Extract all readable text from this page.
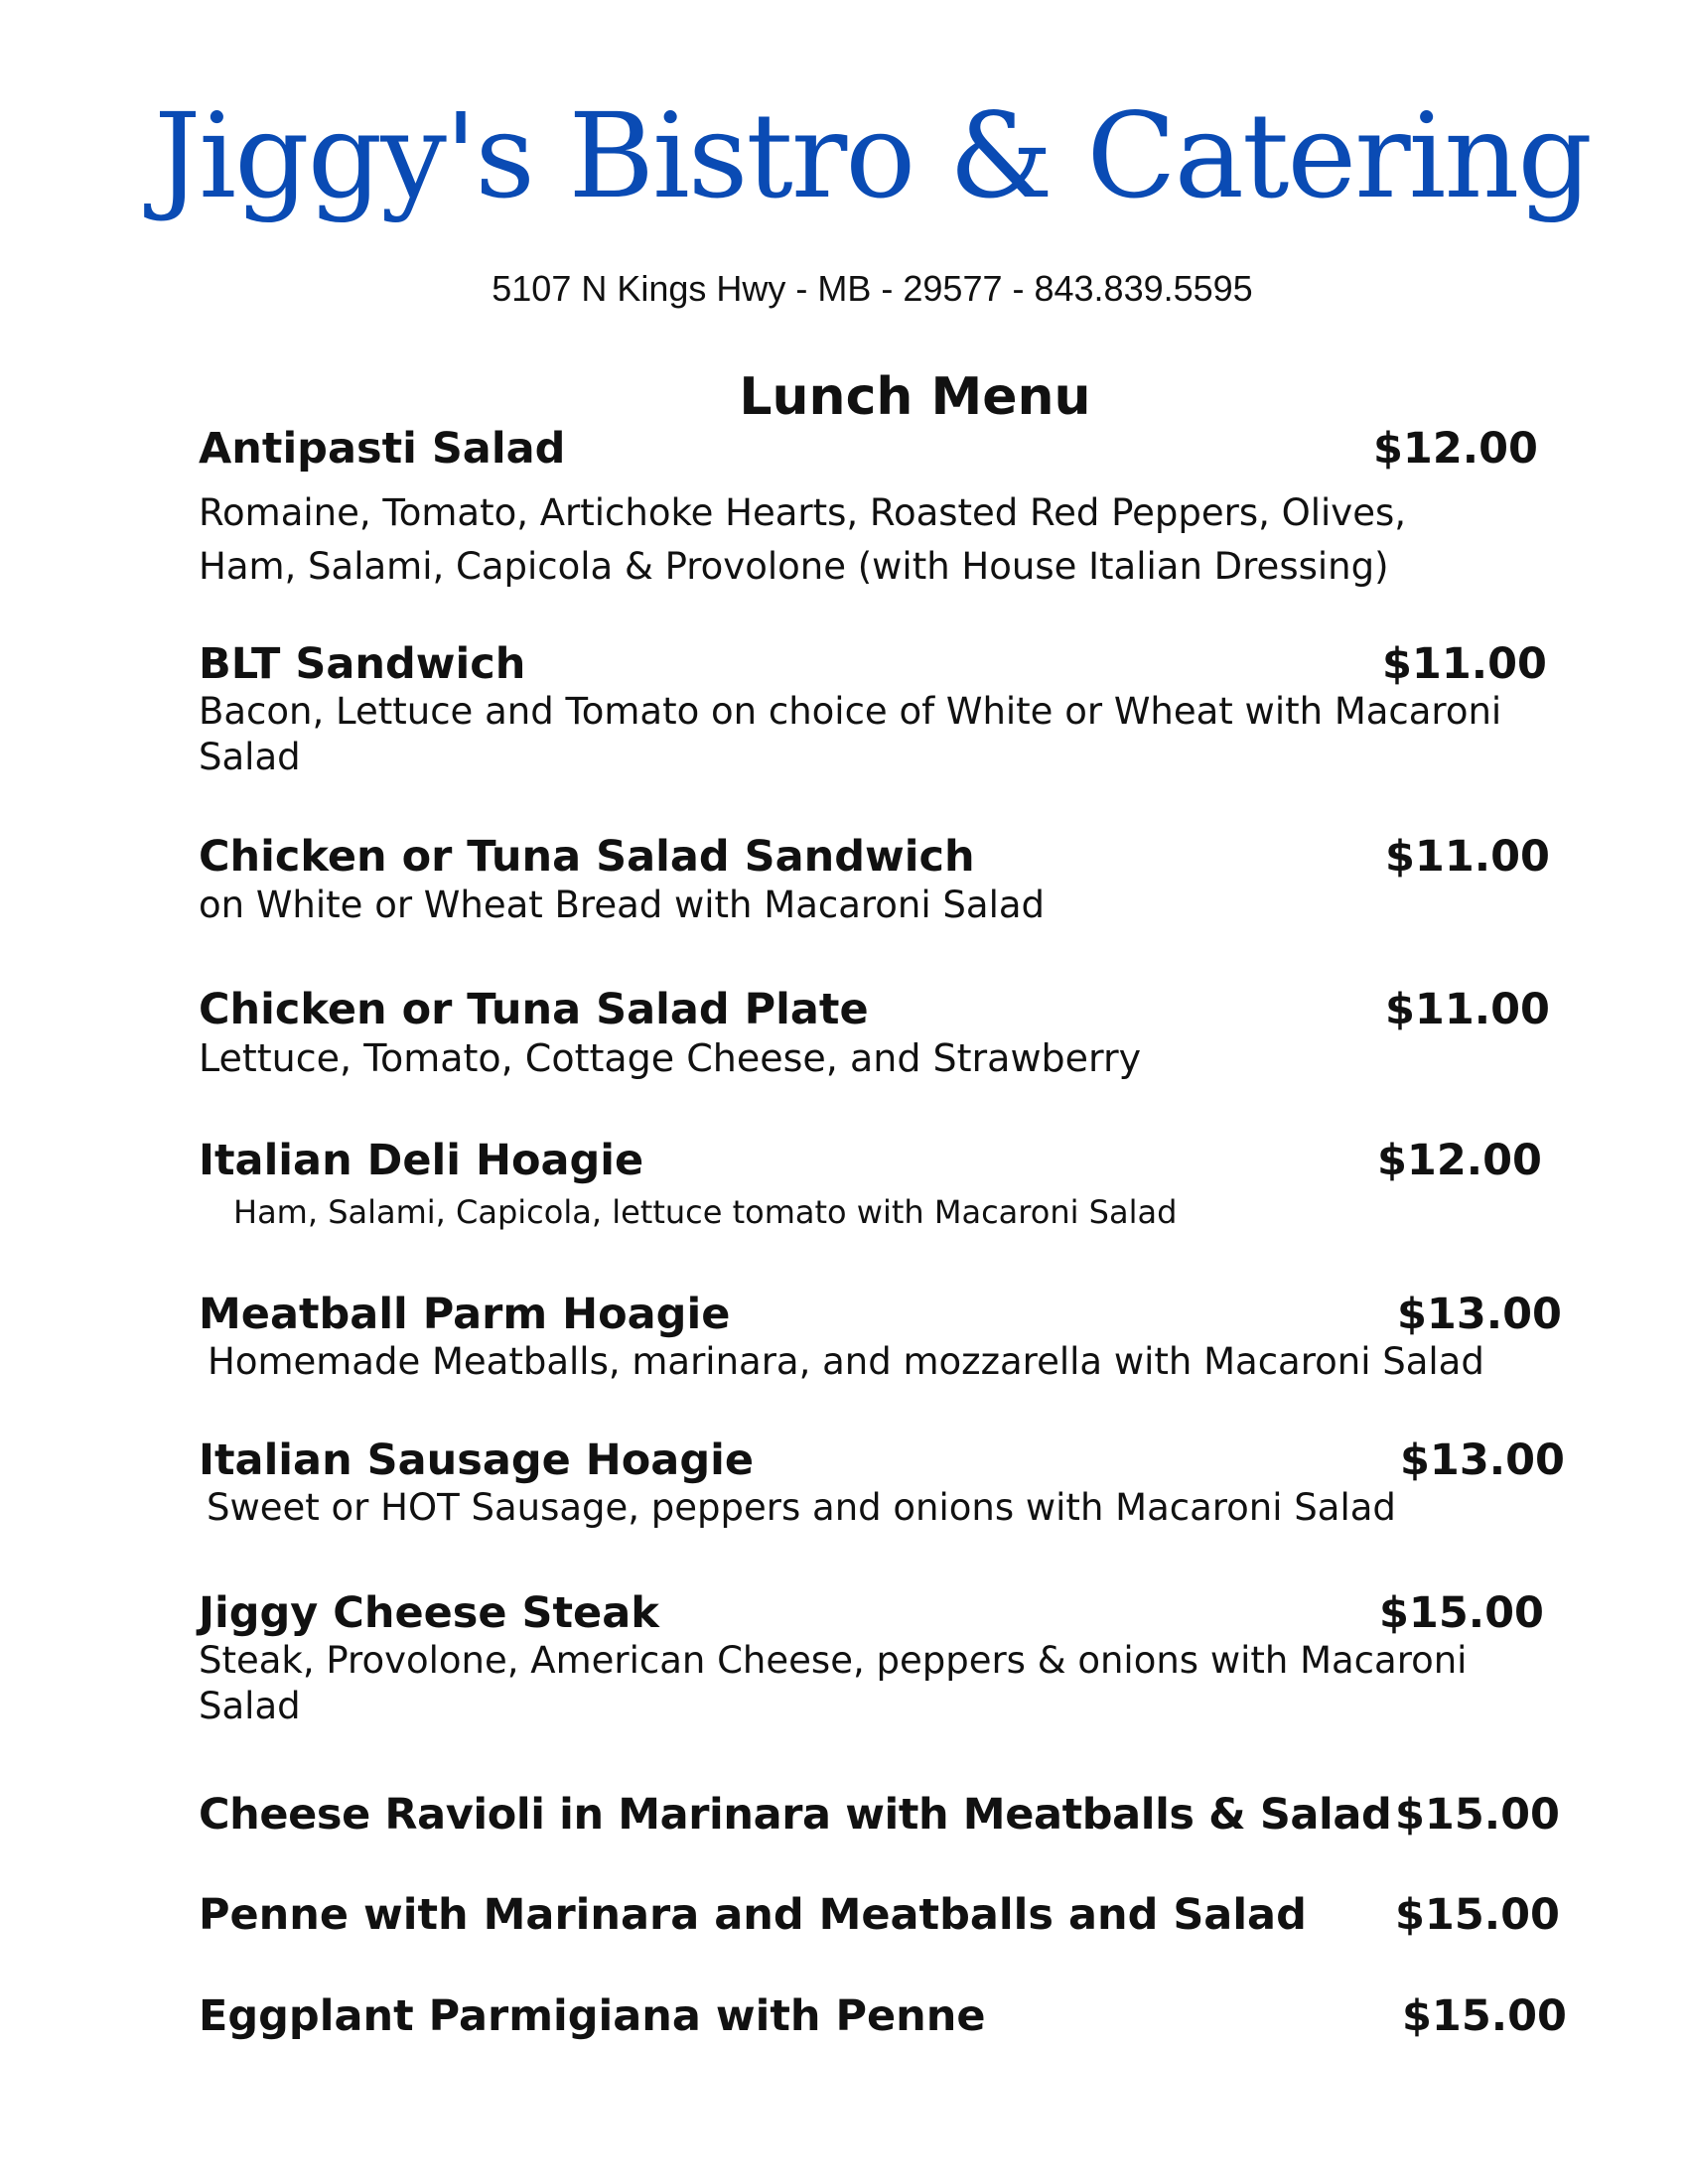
Jiggy's Bistro & Catering
5107 N Kings Hwy - MB - 29577 - 843.839.5595
Lunch Menu
Antipasti Salad	$12.00
Romaine, Tomato, Artichoke Hearts, Roasted Red Peppers, Olives,
Ham, Salami, Capicola & Provolone (with House Italian Dressing)
BLT Sandwich	$11.00
Bacon, Lettuce and Tomato on choice of White or Wheat with Macaroni
Salad
Chicken or Tuna Salad Sandwich	$11.00
on White or Wheat Bread with Macaroni Salad
Chicken or Tuna Salad Plate	$11.00
Lettuce, Tomato, Cottage Cheese, and Strawberry
Italian Deli Hoagie	$12.00
Ham, Salami, Capicola, lettuce tomato with Macaroni Salad
Meatball Parm Hoagie	$13.00
Homemade Meatballs, marinara, and mozzarella with Macaroni Salad
Italian Sausage Hoagie	$13.00
Sweet or HOT Sausage, peppers and onions with Macaroni Salad
Jiggy Cheese Steak	$15.00
Steak, Provolone, American Cheese, peppers & onions with Macaroni
Salad
Cheese Ravioli in Marinara with Meatballs & Salad $15.00
Penne with Marinara and Meatballs and Salad $15.00
Eggplant Parmigiana with Penne	$15.00
